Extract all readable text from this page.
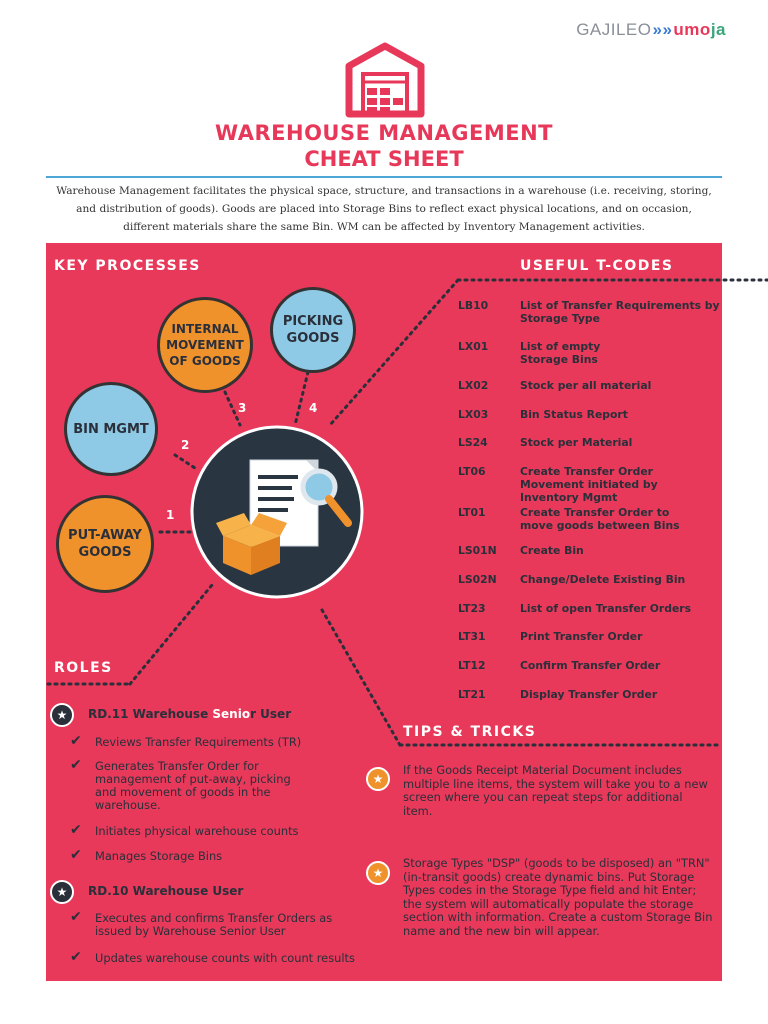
GAJILEO»»umoja
WAREHOUSE MANAGEMENT
CHEAT SHEET
Warehouse Management facilitates the physical space, structure, and transactions in a warehouse (i.e. receiving, storing, and distribution of goods). Goods are placed into Storage Bins to reflect exact physical locations, and on occasion, different materials share the same Bin. WM can be affected by Inventory Management activities.
KEY PROCESSES
INTERNAL MOVEMENT OF GOODS
PICKING GOODS
BIN MGMT
PUT-AWAY GOODS
1
2
3	4
USEFUL T-CODES
LB10	List of Transfer Requirements by Storage Type
LX01	List of empty Storage Bins
LX02	Stock per all material
LX03	Bin Status Report
LS24	Stock per Material
LT06	Create Transfer Order Movement initiated by Inventory Mgmt
LT01	Create Transfer Order to move goods between Bins
LS01N	Create Bin
LS02N	Change/Delete Existing Bin
LT23	List of open Transfer Orders
LT31	Print Transfer Order
LT12	Confirm Transfer Order
LT21	Display Transfer Order
ROLES
★	RD.11 Warehouse Senior User
✔ Reviews Transfer Requirements (TR)
✔ Generates Transfer Order for management of put-away, picking and movement of goods in the warehouse.
✔ Initiates physical warehouse counts
✔ Manages Storage Bins
★	RD.10 Warehouse User
✔ Executes and confirms Transfer Orders as issued by Warehouse Senior User
✔ Updates warehouse counts with count results
TIPS & TRICKS
★
If the Goods Receipt Material Document includes multiple line items, the system will take you to a new screen where you can repeat steps for additional item.
★
Storage Types "DSP" (goods to be disposed) an "TRN" (in-transit goods) create dynamic bins. Put Storage Types codes in the Storage Type field and hit Enter; the system will automatically populate the storage section with information. Create a custom Storage Bin name and the new bin will appear.
